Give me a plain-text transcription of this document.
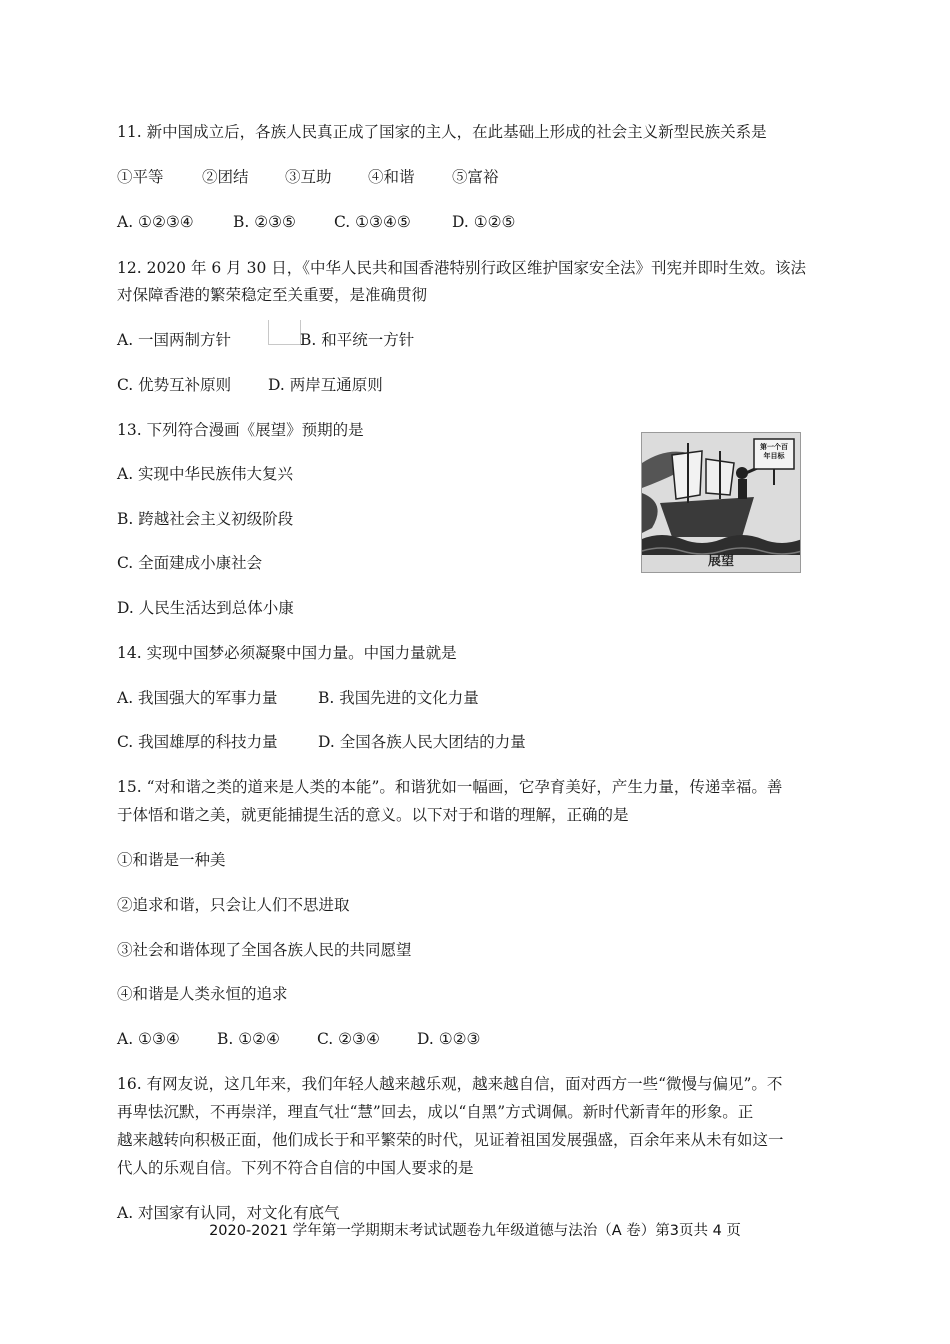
11. 新中国成立后，各族人民真正成了国家的主人，在此基础上形成的社会主义新型民族关系是
①平等 ②团结 ③互助 ④和谐 ⑤富裕
A. ①②③④	B. ②③⑤ C. ①③④⑤	D. ①②⑤
12. 2020 年 6 月 30 日，《中华人民共和国香港特别行政区维护国家安全法》刊宪并即时生效。该法
对保障香港的繁荣稳定至关重要，是准确贯彻
A. 一国两制方针	B. 和平统一方针
C. 优势互补原则 D. 两岸互通原则
13. 下列符合漫画《展望》预期的是
A. 实现中华民族伟大复兴
B. 跨越社会主义初级阶段
C. 全面建成小康社会
D. 人民生活达到总体小康
第一个百年目标
展望
14. 实现中国梦必须凝聚中国力量。中国力量就是
A. 我国强大的军事力量	B. 我国先进的文化力量
C. 我国雄厚的科技力量	D. 全国各族人民大团结的力量
15. “对和谐之类的道来是人类的本能”。和谐犹如一幅画，它孕育美好，产生力量，传递幸福。善
于体悟和谐之美，就更能捕提生活的意义。以下对于和谐的理解，正确的是
①和谐是一种美
②追求和谐，只会让人们不思进取
③社会和谐体现了全国各族人民的共同愿望
④和谐是人类永恒的追求
A. ①③④ B. ①②④ C. ②③④ D. ①②③
16. 有网友说，这几年来，我们年轻人越来越乐观，越来越自信，面对西方一些“微慢与偏见”。不
再卑怯沉默，不再崇洋，理直气壮“慧”回去，成以“自黑”方式调佩。新时代新青年的形象。正
越来越转向积极正面，他们成长于和平繁荣的时代，见证着祖国发展强盛，百余年来从未有如这一
代人的乐观自信。下列不符合自信的中国人要求的是
A. 对国家有认同，对文化有底气
2020-2021 学年第一学期期末考试试题卷九年级道德与法治（A 卷）第3页共 4 页
